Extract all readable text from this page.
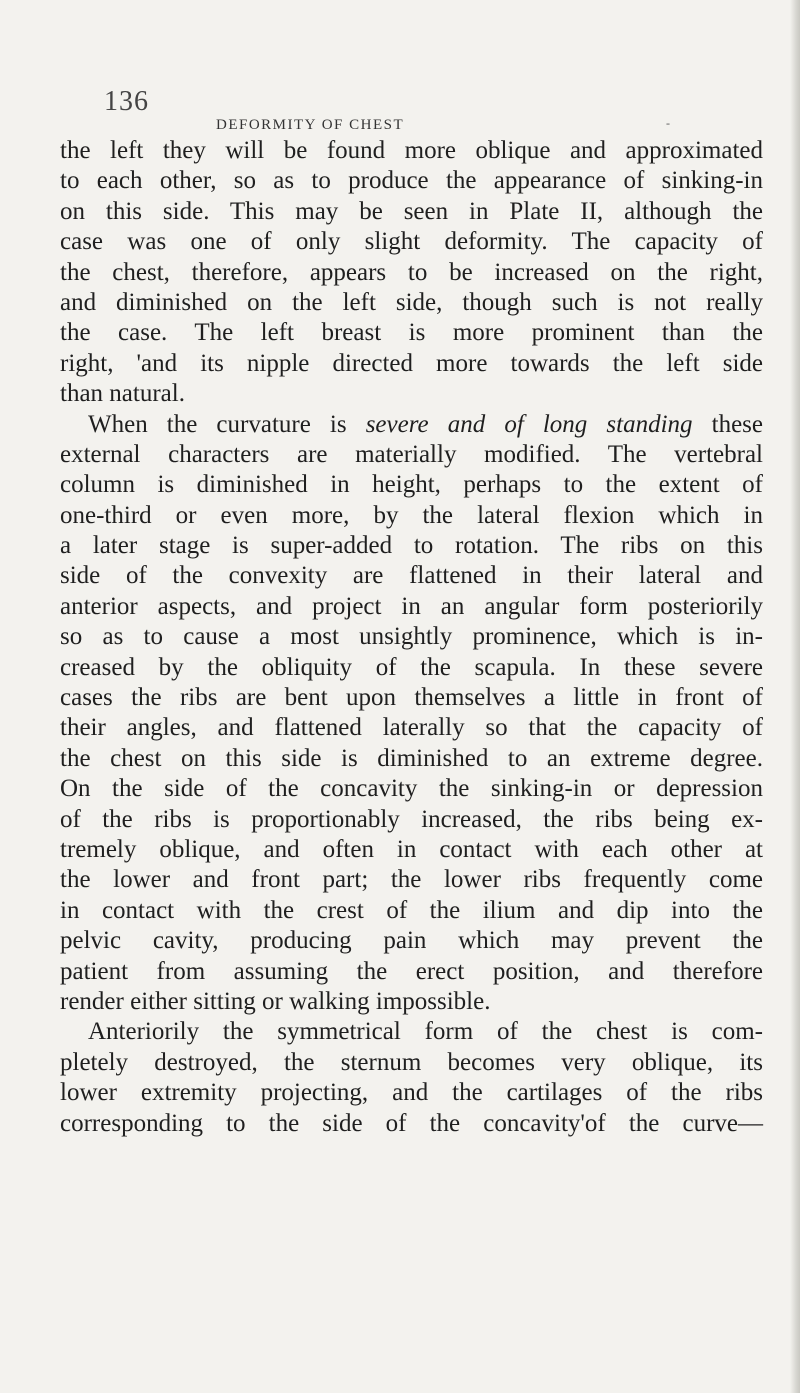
136
DEFORMITY OF CHEST	-
the left they will be found more oblique and approximated
to each other, so as to produce the appearance of sinking-in
on this side. This may be seen in Plate II, although the
case was one of only slight deformity. The capacity of
the chest, therefore, appears to be increased on the right,
and diminished on the left side, though such is not really
the case. The left breast is more prominent than the
right, 'and its nipple directed more towards the left side
than natural.
When the curvature is severe and of long standing these
external characters are materially modified. The vertebral
column is diminished in height, perhaps to the extent of
one-third or even more, by the lateral flexion which in
a later stage is super-added to rotation. The ribs on this
side of the convexity are flattened in their lateral and
anterior aspects, and project in an angular form posteriorily
so as to cause a most unsightly prominence, which is in-
creased by the obliquity of the scapula. In these severe
cases the ribs are bent upon themselves a little in front of
their angles, and flattened laterally so that the capacity of
the chest on this side is diminished to an extreme degree.
On the side of the concavity the sinking-in or depression
of the ribs is proportionably increased, the ribs being ex-
tremely oblique, and often in contact with each other at
the lower and front part; the lower ribs frequently come
in contact with the crest of the ilium and dip into the
pelvic cavity, producing pain which may prevent the
patient from assuming the erect position, and therefore
render either sitting or walking impossible.
Anteriorily the symmetrical form of the chest is com-
pletely destroyed, the sternum becomes very oblique, its
lower extremity projecting, and the cartilages of the ribs
corresponding to the side of the concavity'of the curve—
